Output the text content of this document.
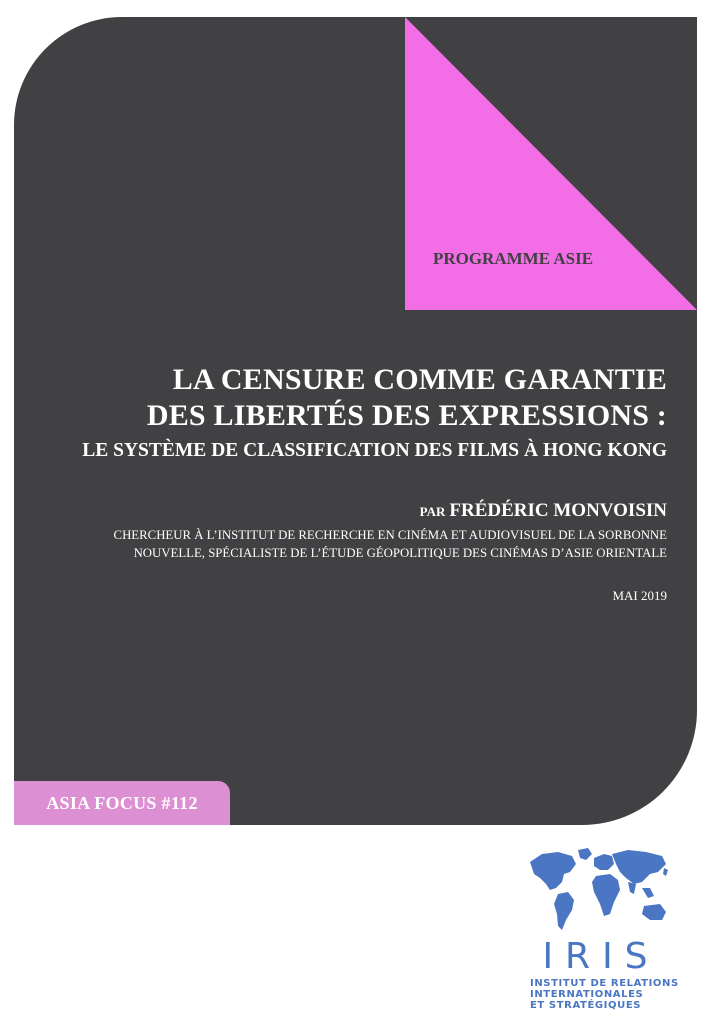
PROGRAMME ASIE
LA CENSURE COMME GARANTIE
DES LIBERTÉS DES EXPRESSIONS :
LE SYSTÈME DE CLASSIFICATION DES FILMS À HONG KONG
PAR FRÉDÉRIC MONVOISIN
CHERCHEUR À L’INSTITUT DE RECHERCHE EN CINÉMA ET AUDIOVISUEL DE LA SORBONNE
NOUVELLE, SPÉCIALISTE DE L’ÉTUDE GÉOPOLITIQUE DES CINÉMAS D’ASIE ORIENTALE
MAI 2019
ASIA FOCUS #112
IRIS
INSTITUT DE RELATIONS
INTERNATIONALES
ET STRATÉGIQUES
